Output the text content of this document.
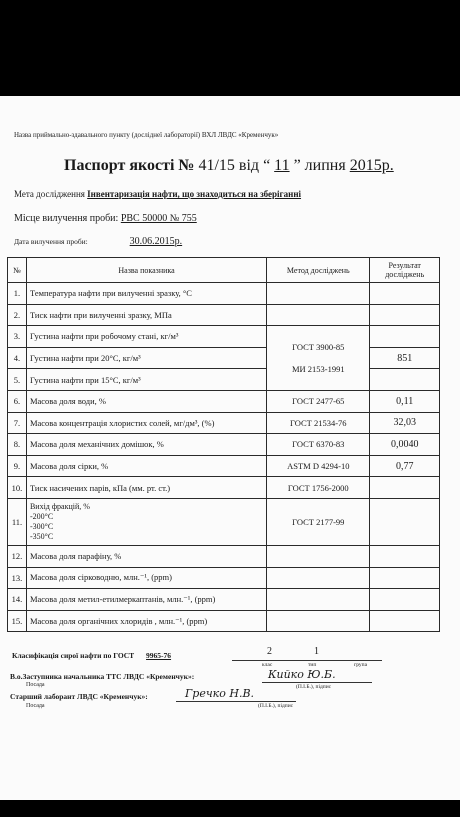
Назва приймально-здавального пункту (досліднеї лабораторії) ВХЛ ЛВДС «Кременчук»
Паспорт якості № 41/15 від “ 11 ” липня 2015р.
Мета дослідження Інвентаризація нафти, що знаходиться на зберіганні
Місце вилучення проби: РВС 50000 № 755
Дата вилучення проби:	30.06.2015р.
№	Назва показника	Метод досліджень	Результат досліджень
1.	Температура нафти при вилученні зразку, °С		
2.	Тиск нафти при вилученні зразку, МПа		
3.	Густина нафти при робочому стані, кг/м³	ГОСТ 3900-85
МИ 2153-1991	

4.	Густина нафти при 20°С, кг/м³		851
5.	Густина нафти при 15°С, кг/м³		
6.	Масова доля води, %	ГОСТ 2477-65	0,11
7.	Масова концентрація хлористих солей, мг/дм³, (%)	ГОСТ 21534-76	32,03
8.	Масова доля механічних домішок, %	ГОСТ 6370-83	0,0040
9.	Масова доля сірки, %	ASTM D 4294-10	0,77
10.	Тиск насичених парів, кПа (мм. рт. ст.)	ГОСТ 1756-2000	
11.	Вихід фракцій, %
-200°С
-300°С
-350°С	ГОСТ 2177-99	
12.	Масова доля парафіну, %		
13.	Масова доля сірководню, млн.⁻¹, (ppm)		
14.	Масова доля метил-етилмеркаптанів, млн.⁻¹, (ppm)		
15.	Масова доля органічних хлоридів , млн.⁻¹, (ppm)		
Класифікація сирої нафти по ГОСТ 9965-76	2	1
клас	тип	група
В.о.Заступника начальника ТТС ЛВДС «Кременчук»:	Кийко Ю.Б.
Посада	(П.І.Б.), підпис
Старший лаборант ЛВДС «Кременчук»:	Гречко Н.В.
Посада	(П.І.Б.), підпис
